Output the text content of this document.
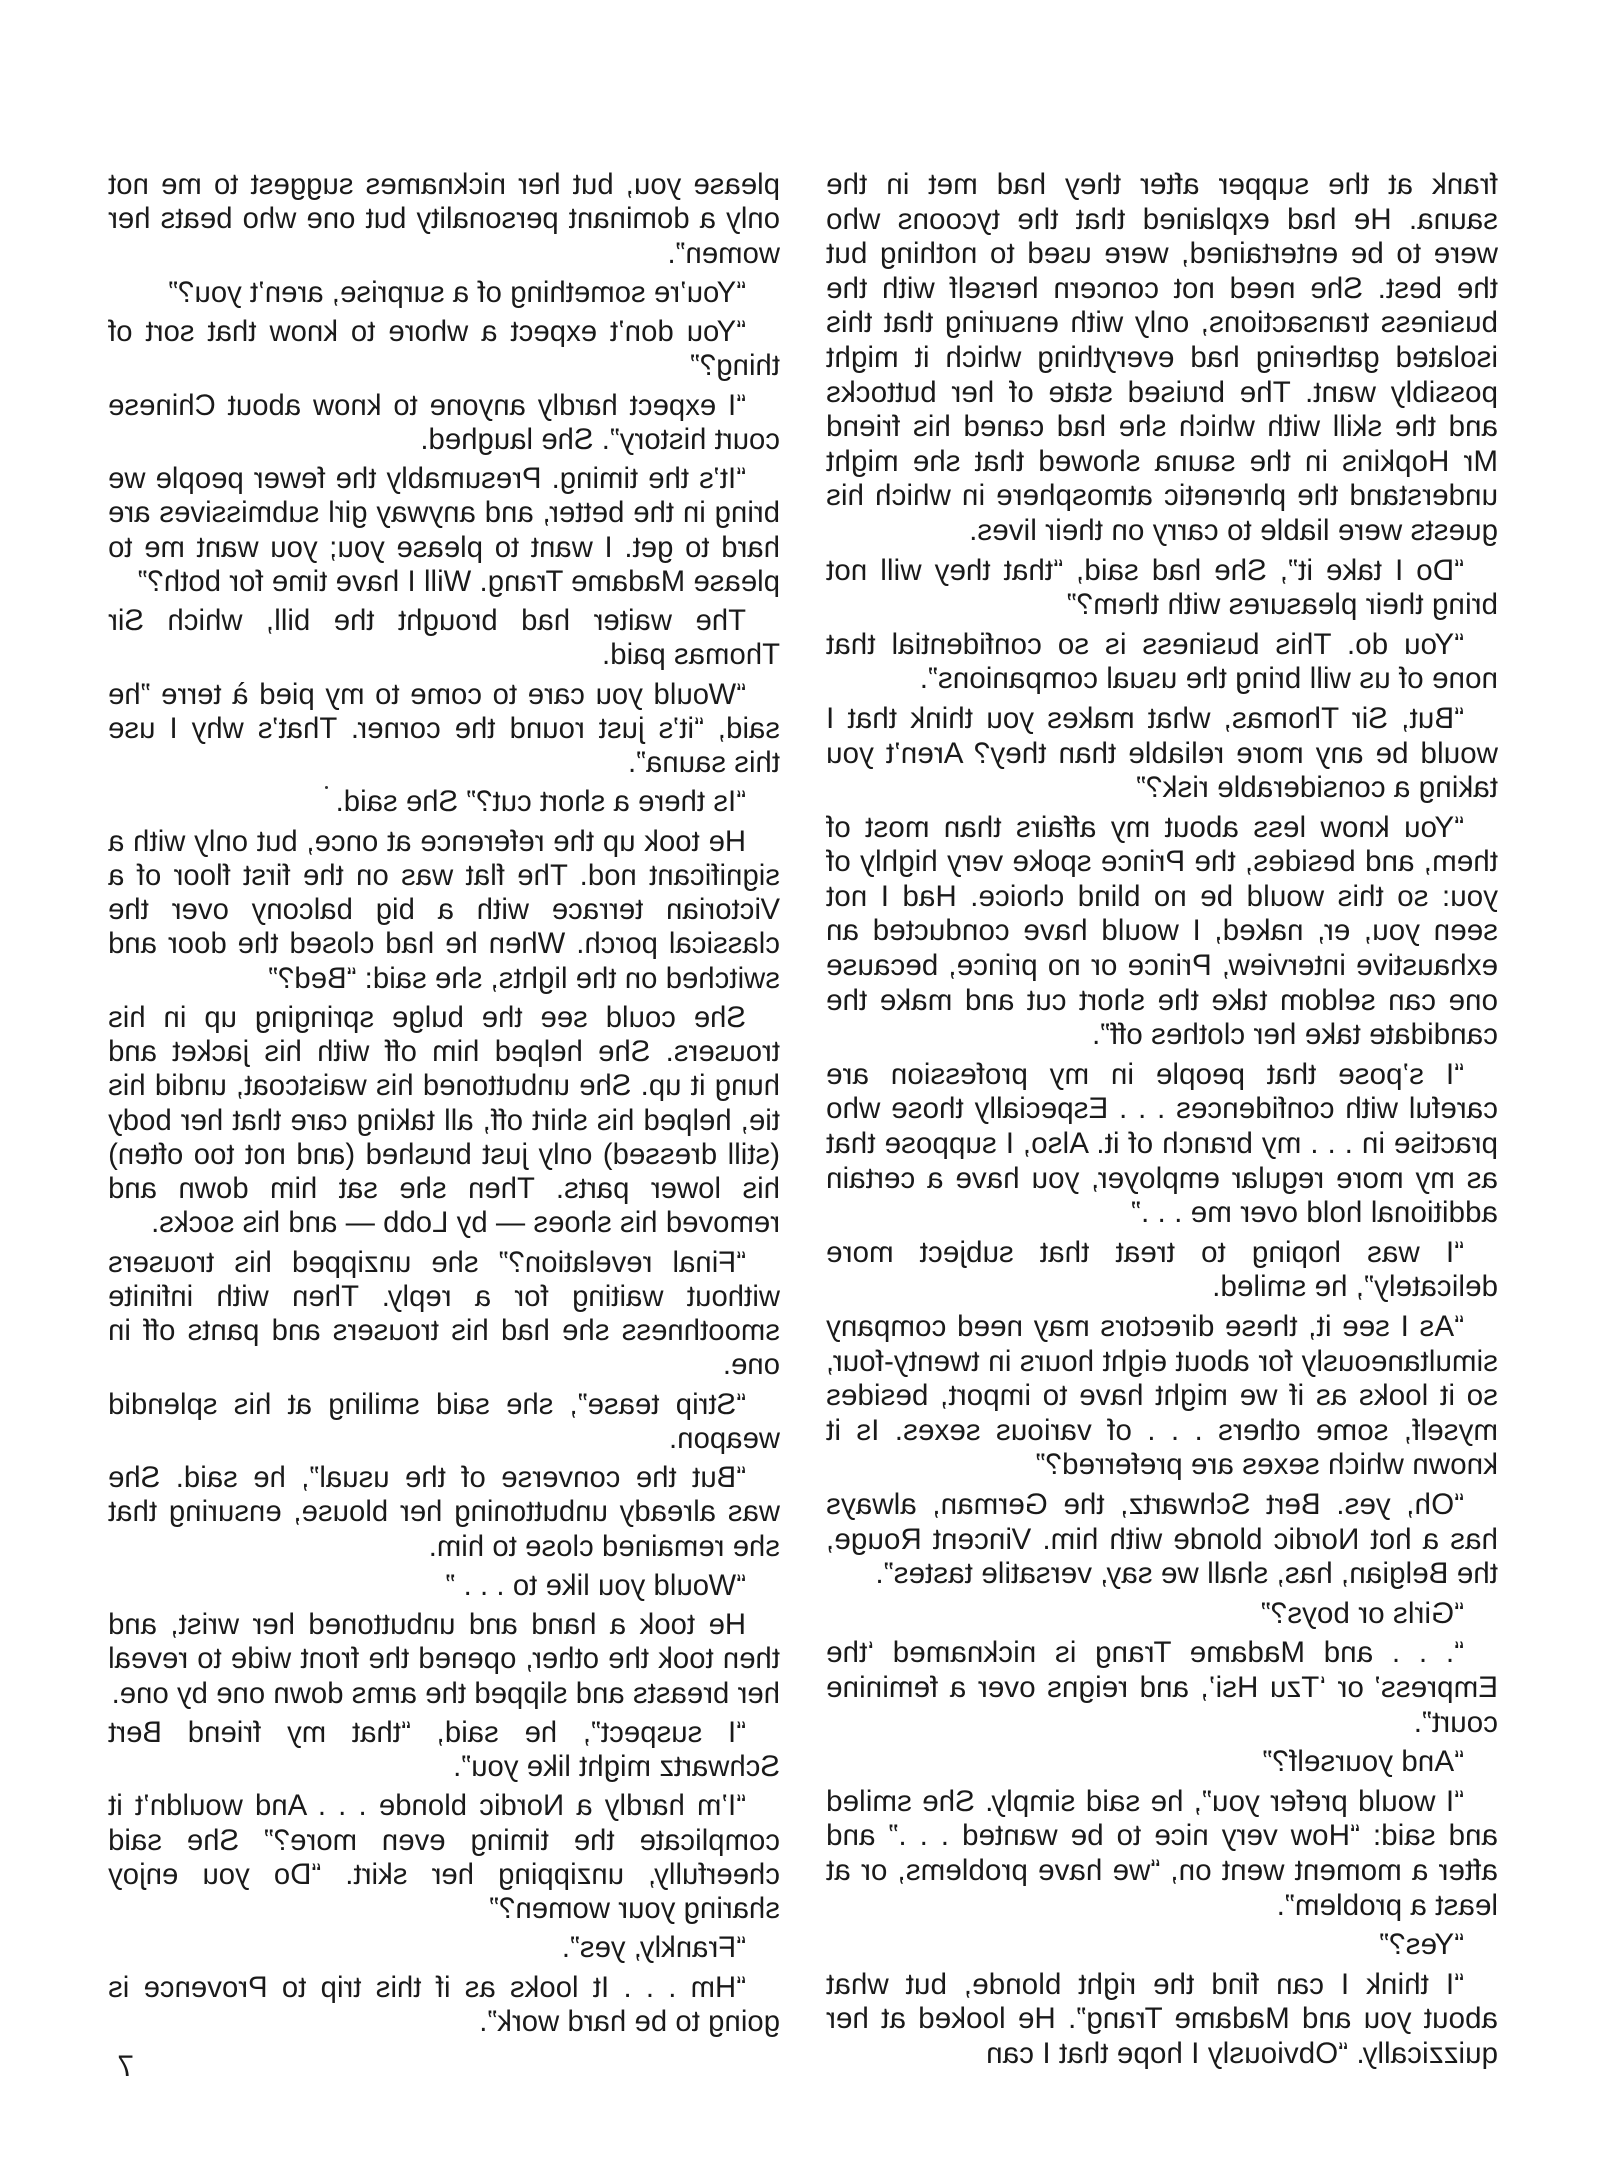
frank at the supper after they had met in the sauna. He had explained that the tycoons who were to be entertained, were used to nothing but the best. She need not concern herself with the business transactions, only with ensuring that this isolated gathering had everything which it might possibly want. The bruised state of her buttocks and the skill with which she had caned his friend Mr Hopkins in the sauna showed that she might understand the phrenetic atmosphere in which his guests were liable to carry on their lives.

“Do I take it”, She had said, “that they will not bring their pleasures with them?”

“You do. This business is so confidential that none of us will bring the usual companions”.

“But, Sir Thomas, what makes you think that I would be any more reliable than they? Aren’t you taking a considerable risk?”

“You know less about my affairs than most of them, and besides, the Prince spoke very highly of you: so this would be no blind choice. Had I not seen you, er, naked, I would have conducted an exhaustive interview, Prince or no prince, because one can seldom take the short cut and make the candidate take her clothes off”.

“I s’pose that people in my profession are careful with confidences . . . Especially those who practise in . . . my branch of it. Also, I suppose that as my more regular employer, you have a certain additional hold over me . . .”

“I was hoping to treat that subject more delicately”, he smiled.

“As I see it, these directors may need company simultaneously for about eight hours in twenty-four, so it looks as if we might have to import, besides myself, some others . . . of various sexes. Is it known which sexes are preferred?”

“Oh, yes. Bert Schwartz, the German, always has a hot Nordic blonde with him. Vincent Rouge, the Belgian, has, shall we say, versatile tastes”.

“Girls or boys?”

“. . . and Madame Trang is nicknamed ‘the Empress’ or ‘Tzu Hsi’, and reigns over a feminine court”.

“And yourself?”

“I would prefer you”, he said simply. She smiled and said: “How very nice to be wanted . . .” and after a moment went on, “we have problems, or at least a problem”.

“Yes?”

“I think I can find the right blonde, but what about you and Madame Trang”. He looked at her quizzically. “Obviously I hope that I can

please you, but her nicknames suggest to me not only a dominant personality but one who beats her women”.

“You’re something of a surprise, aren’t you?”

“You don’t expect a whore to know that sort of thing?”

“I expect hardly anyone to know about Chinese court history”. She laughed.

“It’s the timing. Presumably the fewer people we bring in the better, and anyway girl submissives are hard to get. I want to please you; you want me to please Madame Trang. Will I have time for both?”

The waiter had brought the bill, which Sir Thomas paid.

“Would you care to come to my pied à terre ”he said, “it’s just round the corner. That’s why I use this sauna”.

“Is there a short cut?” She said.

He took up the reference at once, but only with a significant nod. The flat was on the first floor of a Victorian terrace with a big balcony over the classical porch. When he had closed the door and switched on the lights, she said: “Bed?”

She could see the bulge springing up in his trousers. She helped him off with his jacket and hung it up. She unbuttoned his waistcoat, undid his tie, helped his shirt off, all taking care that her body (still dressed) only just brushed (and not too often) his lower parts. Then she sat him down and removed his shoes — by Lobb — and his socks.

“Final revelation?” she unzipped his trousers without waiting for a reply. Then with infinite smoothness she had his trousers and pants off in one.

“Strip tease”, she said smiling at his splendid weapon.

“But the converse of the usual”, he said. She was already unbuttoning her blouse, ensuring that she remained close to him.

“Would you like to . . . ”

He took a hand and unbuttoned her wrist, and then took the other, opened the front wide to reveal her breasts and slipped the arms down one by one.

“I suspect”, he said, “that my friend Bert Schwartz might like you”.

“I’m hardly a Nordic blonde . . . And wouldn’t it complicate the timing even more?” She said cheerfully, unzipping her skirt. “Do you enjoy sharing your women?”

“Frankly, yes”.

“Hm . . . It looks as if this trip to Provence is going to be hard work”.

7
